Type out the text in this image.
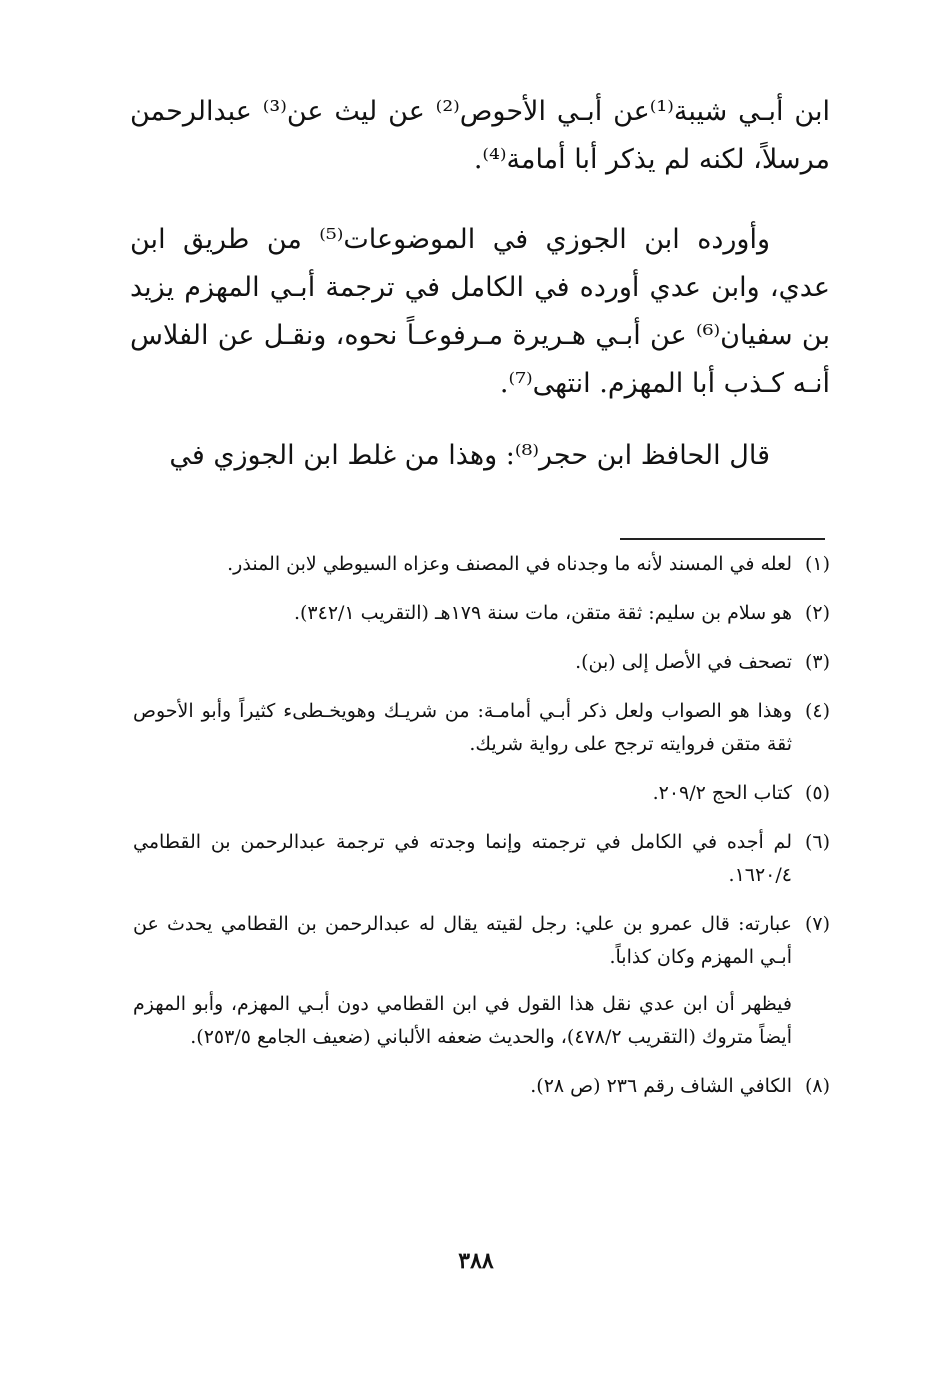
ابن أبـي شيبة⁽¹⁾عن أبـي الأحوص⁽²⁾ عن ليث عن⁽³⁾ عبدالرحمن مرسلاً، لكنه لم يذكر أبا أمامة⁽⁴⁾.

وأورده ابن الجوزي في الموضوعات⁽⁵⁾ من طريق ابن عدي، وابن عدي أورده في الكامل في ترجمة أبـي المهزم يزيد بن سفيان⁽⁶⁾ عن أبـي هـريرة مـرفوعـاً نحوه، ونقـل عن الفلاس أنـه كـذب أبا المهزم. انتهى⁽⁷⁾.

قال الحافظ ابن حجر⁽⁸⁾: وهذا من غلط ابن الجوزي في

(١)
لعله في المسند لأنه ما وجدناه في المصنف وعزاه السيوطي لابن المنذر.
(٢)
هو سلام بن سليم: ثقة متقن، مات سنة ١٧٩هـ (التقريب ٣٤٢/١).
(٣)
تصحف في الأصل إلى (بن).
(٤)
وهذا هو الصواب ولعل ذكر أبـي أمامـة: من شريـك وهويخـطىء كثيراً وأبو الأحوص ثقة متقن فروايته ترجح على رواية شريك.
(٥)
كتاب الحج ٢٠٩/٢.
(٦)
لم أجده في الكامل في ترجمته وإنما وجدته في ترجمة عبدالرحمن بن القطامي ١٦٢٠/٤.
(٧)
عبارته: قال عمرو بن علي: رجل لقيته يقال له عبدالرحمن بن القطامي يحدث عن أبـي المهزم وكان كذاباً.

فيظهر أن ابن عدي نقل هذا القول في ابن القطامي دون أبـي المهزم، وأبو المهزم أيضاً متروك (التقريب ٤٧٨/٢)، والحديث ضعفه الألباني (ضعيف الجامع ٢٥٣/٥).

(٨)
الكافي الشاف رقم ٢٣٦ (ص ٢٨).
٣٨٨
